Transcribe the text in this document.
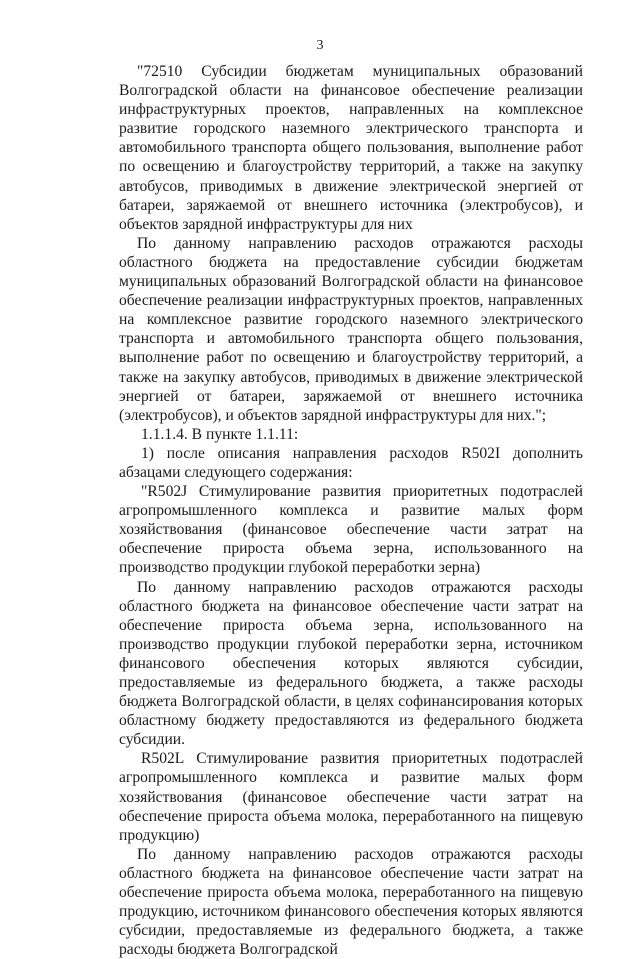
3

"72510 Субсидии бюджетам муниципальных образований Волгоградской области на финансовое обеспечение реализации инфраструктурных проектов, направленных на комплексное развитие городского наземного электрического транспорта и автомобильного транспорта общего пользования, выполнение работ по освещению и благоустройству территорий, а также на закупку автобусов, приводимых в движение электрической энергией от батареи, заряжаемой от внешнего источника (электробусов), и объектов зарядной инфраструктуры для них

По данному направлению расходов отражаются расходы областного бюджета на предоставление субсидии бюджетам муниципальных образований Волгоградской области на финансовое обеспечение реализации инфраструктурных проектов, направленных на комплексное развитие городского наземного электрического транспорта и автомобильного транспорта общего пользования, выполнение работ по освещению и благоустройству территорий, а также на закупку автобусов, приводимых в движение электрической энергией от батареи, заряжаемой от внешнего источника (электробусов), и объектов зарядной инфраструктуры для них.";

1.1.1.4. В пункте 1.1.11:

1) после описания направления расходов R502I дополнить абзацами следующего содержания:

"R502J Стимулирование развития приоритетных подотраслей агропромышленного комплекса и развитие малых форм хозяйствования (финансовое обеспечение части затрат на обеспечение прироста объема зерна, использованного на производство продукции глубокой переработки зерна)

По данному направлению расходов отражаются расходы областного бюджета на финансовое обеспечение части затрат на обеспечение прироста объема зерна, использованного на производство продукции глубокой переработки зерна, источником финансового обеспечения которых являются субсидии, предоставляемые из федерального бюджета, а также расходы бюджета Волгоградской области, в целях софинансирования которых областному бюджету предоставляются из федерального бюджета субсидии.

R502L Стимулирование развития приоритетных подотраслей агропромышленного комплекса и развитие малых форм хозяйствования (финансовое обеспечение части затрат на обеспечение прироста объема молока, переработанного на пищевую продукцию)

По данному направлению расходов отражаются расходы областного бюджета на финансовое обеспечение части затрат на обеспечение прироста объема молока, переработанного на пищевую продукцию, источником финансового обеспечения которых являются субсидии, предоставляемые из федерального бюджета, а также расходы бюджета Волгоградской
